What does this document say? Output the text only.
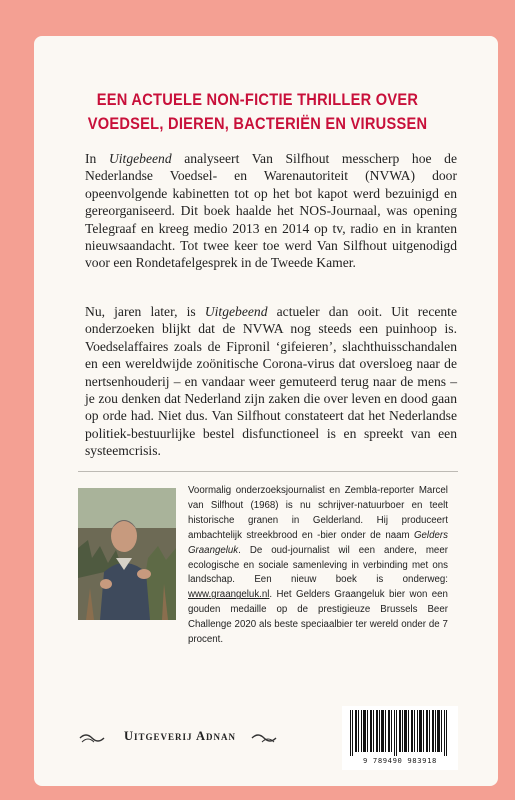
EEN ACTUELE NON-FICTIE THRILLER OVER
VOEDSEL, DIEREN, BACTERIËN EN VIRUSSEN
In Uitgebeend analyseert Van Silfhout messcherp hoe de Nederlandse Voedsel- en Warenautoriteit (NVWA) door opeenvolgende kabinetten tot op het bot kapot werd bezuinigd en gereorganiseerd. Dit boek haalde het NOS-Journaal, was opening Telegraaf en kreeg medio 2013 en 2014 op tv, radio en in kranten nieuwsaandacht. Tot twee keer toe werd Van Silfhout uitgenodigd voor een Rondetafelgesprek in de Tweede Kamer.
Nu, jaren later, is Uitgebeend actueler dan ooit. Uit recente onderzoeken blijkt dat de NVWA nog steeds een puinhoop is. Voedselaffaires zoals de Fipronil ‘gifeieren’, slachthuisschandalen en een wereldwijde zoönitische Corona-virus dat oversloeg naar de nertsenhouderij – en vandaar weer gemuteerd terug naar de mens – je zou denken dat Nederland zijn zaken die over leven en dood gaan op orde had. Niet dus. Van Silfhout constateert dat het Nederlandse politiek-bestuurlijke bestel disfunctioneel is en spreekt van een systeemcrisis.
Voormalig onderzoeksjournalist en Zembla-reporter Marcel van Silfhout (1968) is nu schrijver-natuurboer en teelt historische granen in Gelderland. Hij produceert ambachtelijk streekbrood en -bier onder de naam Gelders Graangeluk. De oud-journalist wil een andere, meer ecologische en sociale samenleving in verbinding met ons landschap. Een nieuw boek is onderweg: www.graangeluk.nl. Het Gelders Graangeluk bier won een gouden medaille op de prestigieuze Brussels Beer Challenge 2020 als beste speciaalbier ter wereld onder de 7 procent.
Uitgeverij Adnan
9 789490 983918
